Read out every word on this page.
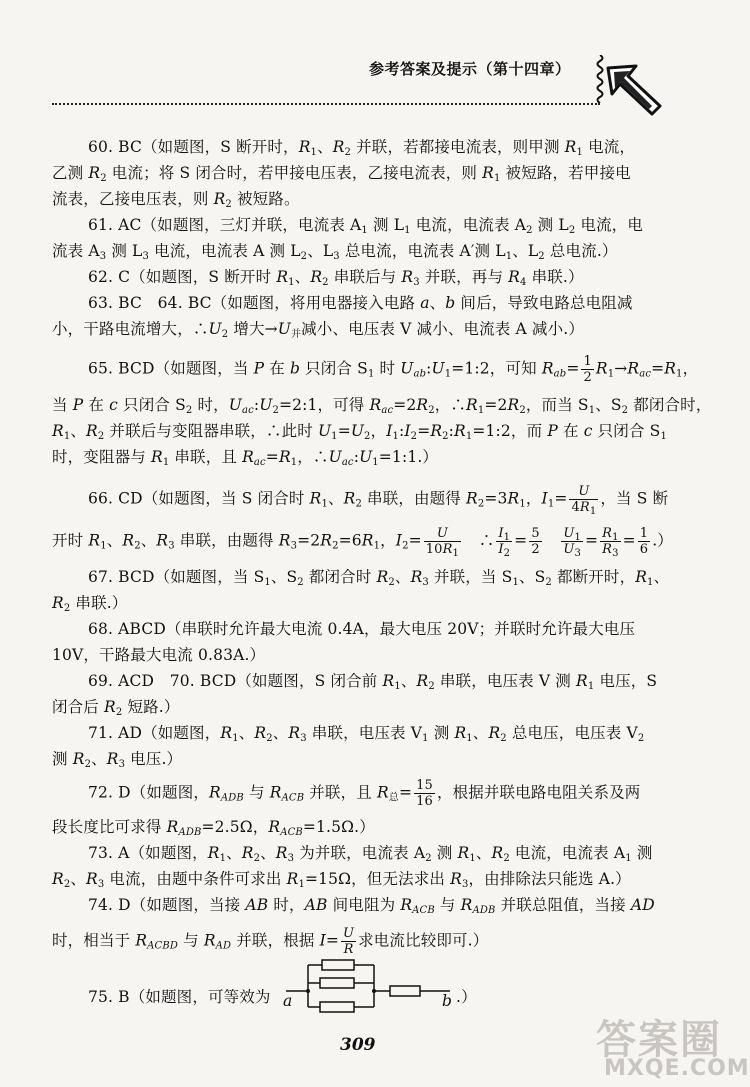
参考答案及提示（第十四章）
60. BC（如题图，S 断开时，$R_1$、$R_2$ 并联，若都接电流表，则甲测 $R_1$ 电流，
乙测 $R_2$ 电流；将 S 闭合时，若甲接电压表，乙接电流表，则 $R_1$ 被短路，若甲接电
流表，乙接电压表，则 $R_2$ 被短路。
61. AC（如题图，三灯并联，电流表 $A_1$ 测 $L_1$ 电流，电流表 $A_2$ 测 $L_2$ 电流，电
流表 $A_3$ 测 $L_3$ 电流，电流表 A 测 $L_2$、$L_3$ 总电流，电流表 A′测 $L_1$、$L_2$ 总电流.）
62. C（如题图，S 断开时 $R_1$、$R_2$ 串联后与 $R_3$ 并联，再与 $R_4$ 串联.）
63. BC　64. BC（如题图，将用电器接入电路 a、b 间后，导致电路总电阻减
小，干路电流增大，$\therefore U_2$ 增大$\to U_并$减小、电压表 V 减小、电流表 A 减小.）
65. BCD（如题图，当 P 在 b 只闭合 $S_1$ 时 $U_{ab}:U_1=1:2$，可知 $R_{ab}= \frac{1}{2} R_1\to R_{ac}=R_1$，
当 P 在 c 只闭合 $S_2$ 时，$U_{ac}:U_2=2:1$，可得 $R_{ac}=2R_2$，$\therefore R_1=2R_2$，而当 $S_1$、$S_2$ 都闭合时，
$R_1$、$R_2$ 并联后与变阻器串联，∴此时 $U_1=U_2$，$I_1:I_2=R_2:R_1=1:2$，而 P 在 c 只闭合 $S_1$
时，变阻器与 $R_1$ 串联，且 $R_{ac}=R_1$，$\therefore U_{ac}:U_1=1:1$.）
66. CD（如题图，当 S 闭合时 $R_1$、$R_2$ 串联，由题得 $R_2=3R_1$，$I_1= \frac{U}{4R_1}$ ，当 S 断
开时 $R_1$、$R_2$、$R_3$ 串联，由题得 $R_3=2R_2=6R_1$，$I_2= \frac{U}{10R_1}$ 　∴ $\frac{I_1}{I_2} = \frac{5}{2}$
　 $\frac{U_1}{U_3} = \frac{R_1}{R_3} = \frac{1}{6}$ .）
67. BCD（如题图，当 $S_1$、$S_2$ 都闭合时 $R_2$、$R_3$ 并联，当 $S_1$、$S_2$ 都断开时，$R_1$、
$R_2$ 串联.）
68. ABCD（串联时允许最大电流 0.4A，最大电压 20V；并联时允许最大电压
10V，干路最大电流 0.83A.）
69. ACD　70. BCD（如题图，S 闭合前 $R_1$、$R_2$ 串联，电压表 V 测 $R_1$ 电压，S
闭合后 $R_2$ 短路.）
71. AD（如题图，$R_1$、$R_2$、$R_3$ 串联，电压表 $V_1$ 测 $R_1$、$R_2$ 总电压，电压表 $V_2$
测 $R_2$、$R_3$ 电压.）
72. D（如题图，$R_{ADB}$ 与 $R_{ACB}$ 并联，且 $R_总= \frac{15}{16}$ ，根据并联电路电阻关系及两
段长度比可求得 $R_{ADB}=2.5\Omega$，$R_{ACB}=1.5\Omega$.）
73. A（如题图，$R_1$、$R_2$、$R_3$ 为并联，电流表 $A_2$ 测 $R_1$、$R_2$ 电流，电流表 $A_1$ 测
$R_2$、$R_3$ 电流，由题中条件可求出 $R_1=15\Omega$，但无法求出 $R_3$，由排除法只能选 A.）
74. D（如题图，当接 AB 时，AB 间电阻为 $R_{ACB}$ 与 $R_{ADB}$ 并联总阻值，当接 AD
时，相当于 $R_{ACBD}$ 与 $R_{AD}$ 并联，根据 $I= \frac{U}{R}$ 求电流比较即可.）
75. B（如题图，可等效为	.）
a	b
309	答案圈
MXQE.COM
